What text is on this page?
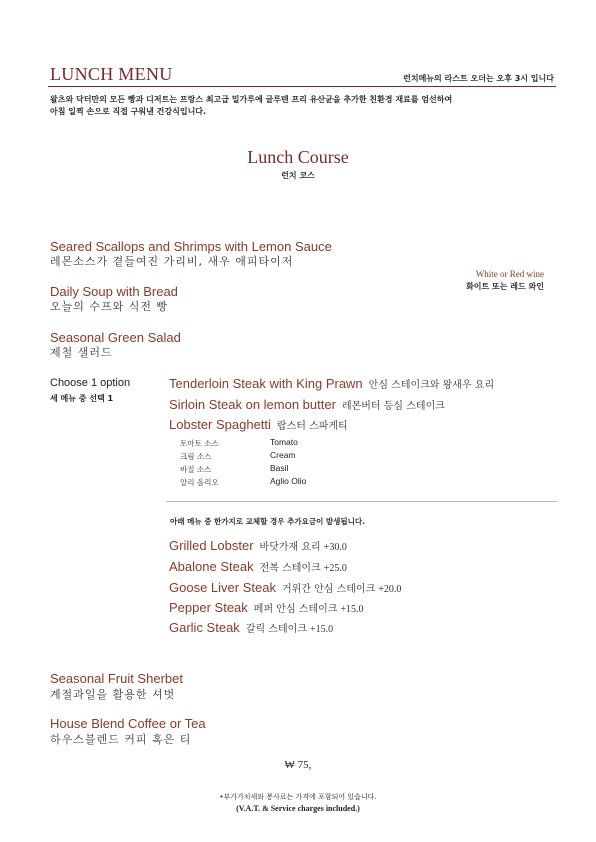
LUNCH MENU	런치메뉴의 라스트 오더는 오후 3시 입니다
왈츠와 닥터만의 모든 빵과 디저트는 프랑스 최고급 밀가루에 글루텐 프리 유산균을 추가한 친환경 재료를 엄선하여
아침 일찍 손으로 직접 구워낸 건강식입니다.
Lunch Course
런치 코스
Seared Scallops and Shrimps with Lemon Sauce
레몬소스가 곁들여진 가리비, 새우 애피타이저
White or Red wine
화이트 또는 레드 와인
Daily Soup with Bread
오늘의 수프와 식전 빵
Seasonal Green Salad
제철 샐러드
Choose 1 option
세 메뉴 중 선택 1
Tenderloin Steak with King Prawn 안심 스테이크와 왕새우 요리
Sirloin Steak on lemon butter 레몬버터 등심 스테이크
Lobster Spaghetti 랍스터 스파게티
토마토 소스	Tomato
크림 소스	Cream
바질 소스	Basil
알리 올리오	Aglio Olio
아래 메뉴 중 한가지로 교체할 경우 추가요금이 발생됩니다.
Grilled Lobster 바닷가재 요리 +30.0
Abalone Steak 전복 스테이크 +25.0
Goose Liver Steak 거위간 안심 스테이크 +20.0
Pepper Steak 페퍼 안심 스테이크 +15.0
Garlic Steak 갈릭 스테이크 +15.0
Seasonal Fruit Sherbet
계절과일을 활용한 셔벗
House Blend Coffee or Tea
하우스블렌드 커피 혹은 티
₩ 75,
•부가가치세와 봉사료는 가격에 포함되어 있습니다.
(V.A.T. & Service charges included.)
